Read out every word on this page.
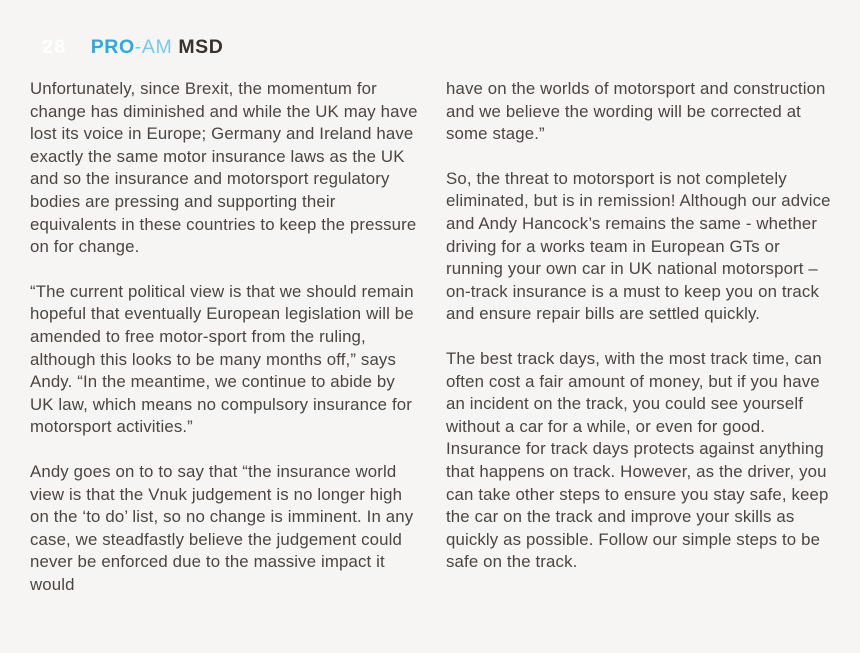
28 PRO-AM MSD

Unfortunately, since Brexit, the momentum for change has diminished and while the UK may have lost its voice in Europe; Germany and Ireland have exactly the same motor insurance laws as the UK and so the insurance and motorsport regulatory bodies are pressing and supporting their equivalents in these countries to keep the pressure on for change.

“The current political view is that we should remain hopeful that eventually European legislation will be amended to free motor-sport from the ruling, although this looks to be many months off,” says Andy. “In the meantime, we continue to abide by UK law, which means no compulsory insurance for motorsport activities.”

Andy goes on to to say that “the insurance world view is that the Vnuk judgement is no longer high on the ‘to do’ list, so no change is imminent. In any case, we steadfastly believe the judgement could never be enforced due to the massive impact it would

have on the worlds of motorsport and construction and we believe the wording will be corrected at some stage.”

So, the threat to motorsport is not completely eliminated, but is in remission! Although our advice and Andy Hancock’s remains the same - whether driving for a works team in European GTs or running your own car in UK national motorsport – on-track insurance is a must to keep you on track and ensure repair bills are settled quickly.

The best track days, with the most track time, can often cost a fair amount of money, but if you have an incident on the track, you could see yourself without a car for a while, or even for good. Insurance for track days protects against anything that happens on track. However, as the driver, you can take other steps to ensure you stay safe, keep the car on the track and improve your skills as quickly as possible. Follow our simple steps to be safe on the track.
